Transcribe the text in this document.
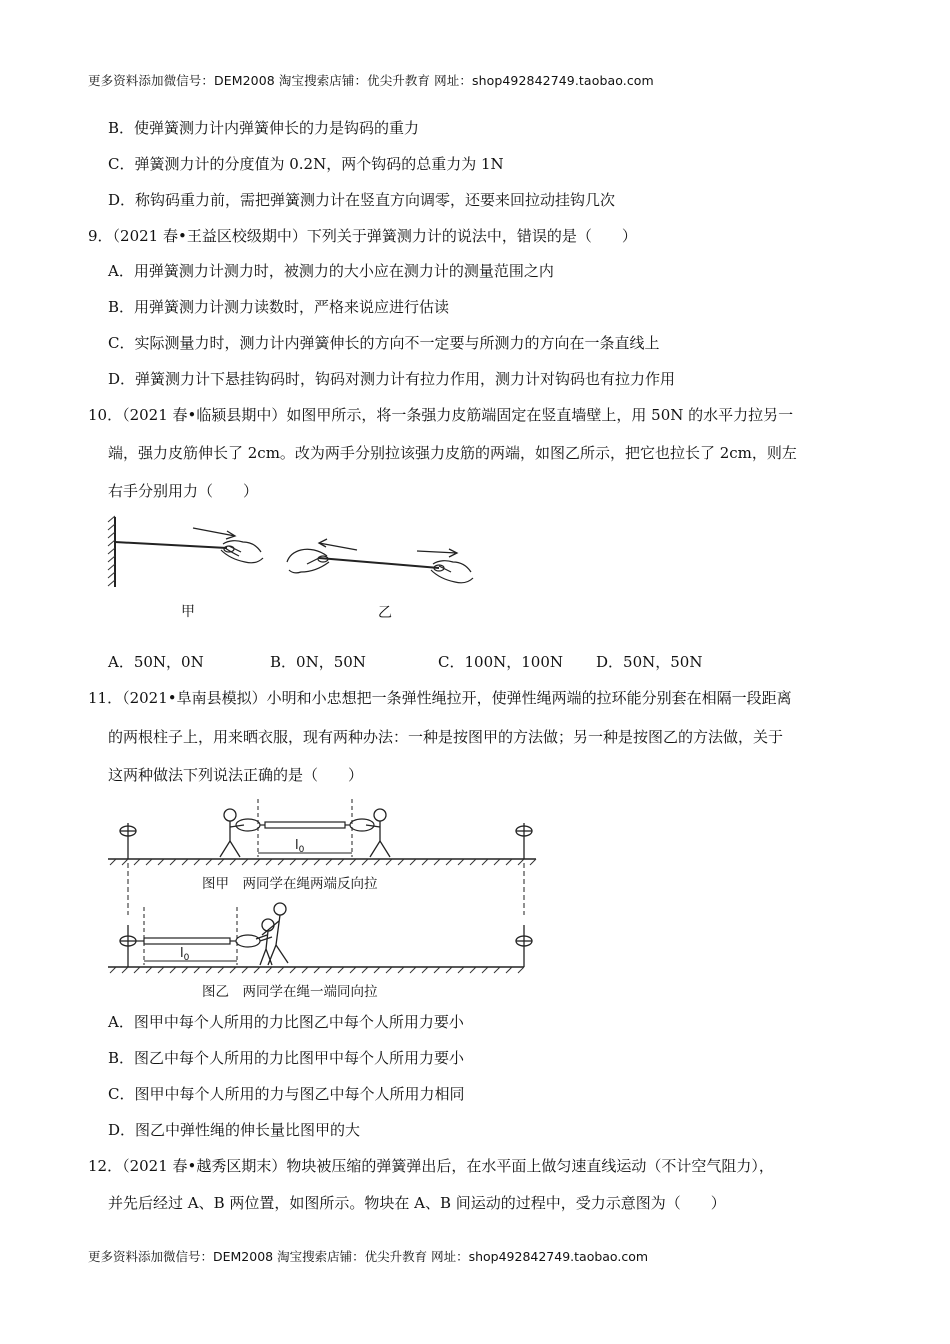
更多资料添加微信号：DEM2008 淘宝搜索店铺：优尖升教育 网址：shop492842749.taobao.com
B．使弹簧测力计内弹簧伸长的力是钩码的重力
C．弹簧测力计的分度值为 0.2N，两个钩码的总重力为 1N
D．称钩码重力前，需把弹簧测力计在竖直方向调零，还要来回拉动挂钩几次
9．（2021 春•王益区校级期中）下列关于弹簧测力计的说法中，错误的是（　　）
A．用弹簧测力计测力时，被测力的大小应在测力计的测量范围之内
B．用弹簧测力计测力读数时，严格来说应进行估读
C．实际测量力时，测力计内弹簧伸长的方向不一定要与所测力的方向在一条直线上
D．弹簧测力计下悬挂钩码时，钩码对测力计有拉力作用，测力计对钩码也有拉力作用
10．（2021 春•临颍县期中）如图甲所示，将一条强力皮筋端固定在竖直墙壁上，用 50N 的水平力拉另一
端，强力皮筋伸长了 2cm。改为两手分别拉该强力皮筋的两端，如图乙所示，把它也拉长了 2cm，则左
右手分别用力（　　）
甲	乙
A．50N，0N	B．0N，50N	C．100N，100N D．50N，50N
11．（2021•阜南县模拟）小明和小忠想把一条弹性绳拉开，使弹性绳两端的拉环能分别套在相隔一段距离
的两根柱子上，用来晒衣服，现有两种办法：一种是按图甲的方法做；另一种是按图乙的方法做，关于
这两种做法下列说法正确的是（　　）
$l_0$
图甲　两同学在绳两端反向拉
$l_0$
图乙　两同学在绳一端同向拉
A．图甲中每个人所用的力比图乙中每个人所用力要小
B．图乙中每个人所用的力比图甲中每个人所用力要小
C．图甲中每个人所用的力与图乙中每个人所用力相同
D．图乙中弹性绳的伸长量比图甲的大
12．（2021 春•越秀区期末）物块被压缩的弹簧弹出后，在水平面上做匀速直线运动（不计空气阻力），
并先后经过 A、B 两位置，如图所示。物块在 A、B 间运动的过程中，受力示意图为（　　）
更多资料添加微信号：DEM2008 淘宝搜索店铺：优尖升教育 网址：shop492842749.taobao.com
